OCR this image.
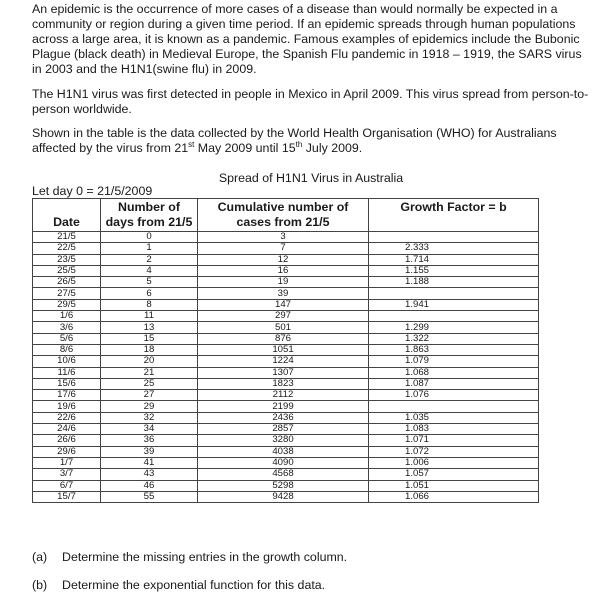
An epidemic is the occurrence of more cases of a disease than would normally be expected in a community or region during a given time period. If an epidemic spreads through human populations across a large area, it is known as a pandemic. Famous examples of epidemics include the Bubonic Plague (black death) in Medieval Europe, the Spanish Flu pandemic in 1918 – 1919, the SARS virus in 2003 and the H1N1(swine flu) in 2009.

The H1N1 virus was first detected in people in Mexico in April 2009. This virus spread from person-to-person worldwide.

Shown in the table is the data collected by the World Health Organisation (WHO) for Australians affected by the virus from 21st May 2009 until 15th July 2009.

Spread of H1N1 Virus in Australia
Let day 0 = 21/5/2009
Date	Number of days from 21/5	Cumulative number of cases from 21/5	Growth Factor = b
21/5	0	3	
22/5	1	7	2.333
23/5	2	12	1.714
25/5	4	16	1.155
26/5	5	19	1.188
27/5	6	39	
29/5	8	147	1.941
1/6	11	297	
3/6	13	501	1.299
5/6	15	876	1.322
8/6	18	1051	1.863
10/6	20	1224	1.079
11/6	21	1307	1.068
15/6	25	1823	1.087
17/6	27	2112	1.076
19/6	29	2199	
22/6	32	2436	1.035
24/6	34	2857	1.083
26/6	36	3280	1.071
29/6	39	4038	1.072
1/7	41	4090	1.006
3/7	43	4568	1.057
6/7	46	5298	1.051
15/7	55	9428	1.066
(a) Determine the missing entries in the growth column.
(b) Determine the exponential function for this data.
